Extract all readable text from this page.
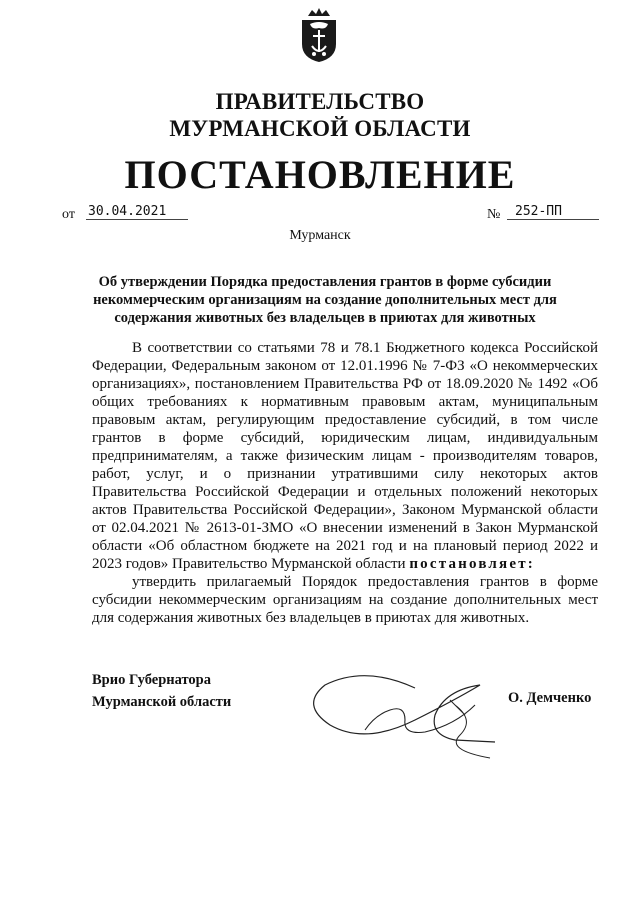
ПРАВИТЕЛЬСТВО
МУРМАНСКОЙ ОБЛАСТИ
ПОСТАНОВЛЕНИЕ
от 30.04.2021	№	252-ПП
Мурманск
Об утверждении Порядка предоставления грантов в форме субсидии
некоммерческим организациям на создание дополнительных мест для
содержания животных без владельцев в приютах для животных
В соответствии со статьями 78 и 78.1 Бюджетного кодекса Российской
Федерации, Федеральным законом от 12.01.1996 № 7-ФЗ «О некоммерческих
организациях», постановлением Правительства РФ от 18.09.2020 № 1492 «Об
общих требованиях к нормативным правовым актам, муниципальным
правовым актам, регулирующим предоставление субсидий, в том числе
грантов в форме субсидий, юридическим лицам, индивидуальным
предпринимателям, а также физическим лицам - производителям товаров,
работ, услуг, и о признании утратившими силу некоторых актов
Правительства Российской Федерации и отдельных положений некоторых
актов Правительства Российской Федерации», Законом Мурманской области
от 02.04.2021 № 2613-01-ЗМО «О внесении изменений в Закон Мурманской
области «Об областном бюджете на 2021 год и на плановый период 2022 и
2023 годов» Правительство Мурманской области постановляет:
утвердить прилагаемый Порядок предоставления грантов в форме
субсидии некоммерческим организациям на создание дополнительных мест
для содержания животных без владельцев в приютах для животных.
Врио Губернатора
Мурманской области	О. Демченко
